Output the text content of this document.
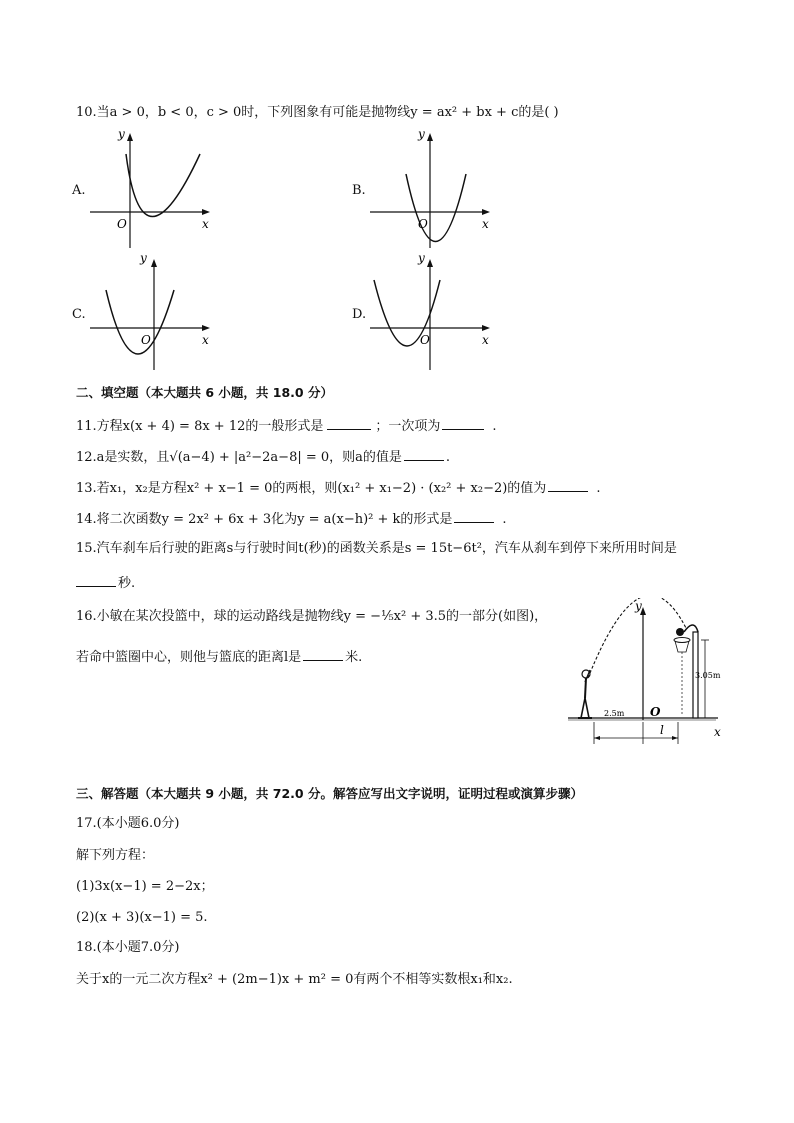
10.当a > 0，b < 0，c > 0时，下列图象有可能是抛物线y = ax² + bx + c的是( )
A.
y
x
O
B.
y
x
O
C.
y
x
O
D.
y
x
O
二、填空题（本大题共 6 小题，共 18.0 分）
11.方程x(x + 4) = 8x + 12的一般形式是	；一次项为	.
12.a是实数，且√(a−4) + |a²−2a−8| = 0，则a的值是	.
13.若x₁，x₂是方程x² + x−1 = 0的两根，则(x₁² + x₁−2) · (x₂² + x₂−2)的值为	.
14.将二次函数y = 2x² + 6x + 3化为y = a(x−h)² + k的形式是	.
15.汽车刹车后行驶的距离s与行驶时间t(秒)的函数关系是s = 15t−6t²，汽车从刹车到停下来所用时间是
秒.
16.小敏在某次投篮中，球的运动路线是抛物线y = −⅕x² + 3.5的一部分(如图)，
若命中篮圈中心，则他与篮底的距离l是	米.
y
x
O
3.05m
2.5m
l
三、解答题（本大题共 9 小题，共 72.0 分。解答应写出文字说明，证明过程或演算步骤）
17.(本小题6.0分)
解下列方程：
(1)3x(x−1) = 2−2x；
(2)(x + 3)(x−1) = 5.
18.(本小题7.0分)
关于x的一元二次方程x² + (2m−1)x + m² = 0有两个不相等实数根x₁和x₂.
